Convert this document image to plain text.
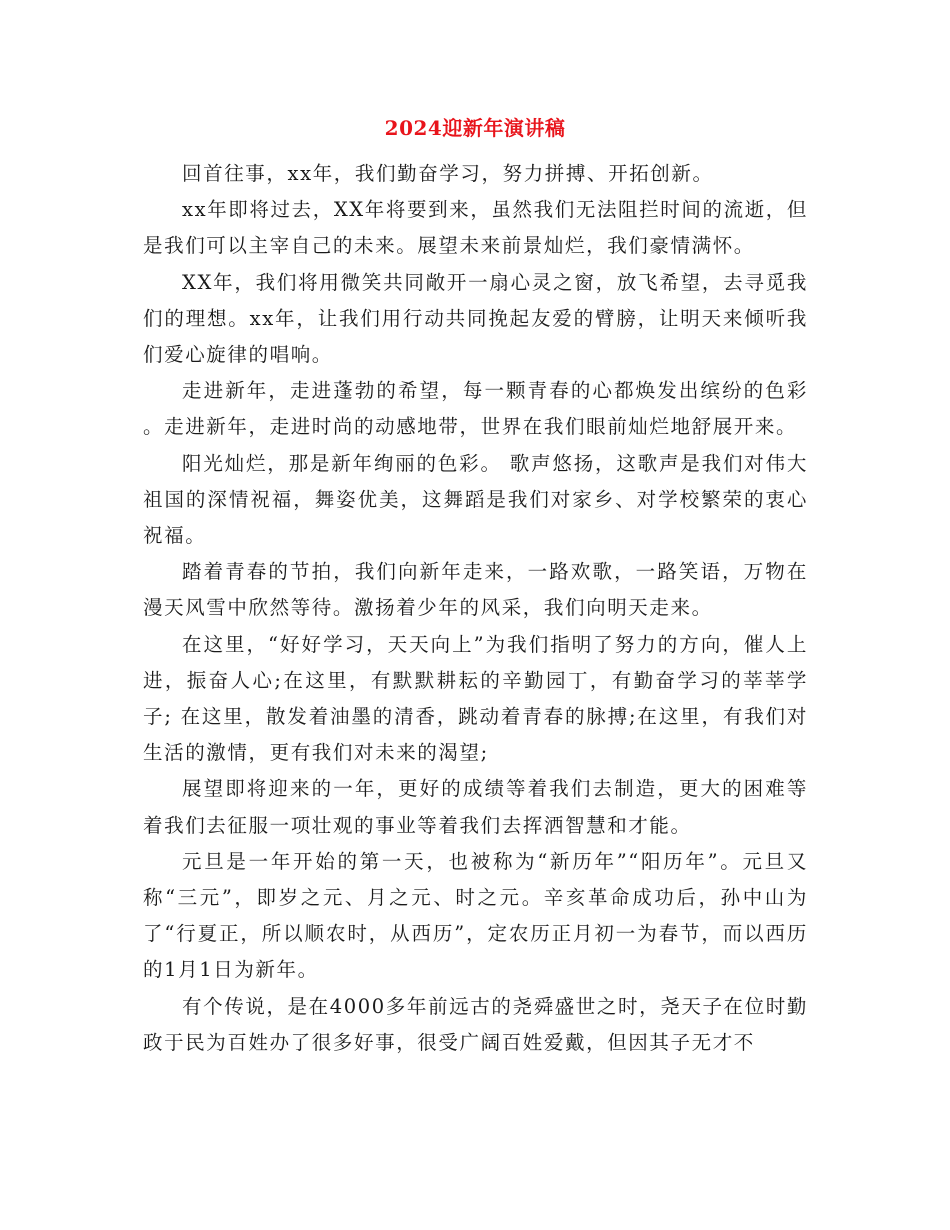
2024迎新年演讲稿

回首往事，xx年，我们勤奋学习，努力拼搏、开拓创新。

xx年即将过去，XX年将要到来，虽然我们无法阻拦时间的流逝，但是我们可以主宰自己的未来。展望未来前景灿烂，我们豪情满怀。

XX年，我们将用微笑共同敞开一扇心灵之窗，放飞希望，去寻觅我们的理想。xx年，让我们用行动共同挽起友爱的臂膀，让明天来倾听我们爱心旋律的唱响。

走进新年，走进蓬勃的希望，每一颗青春的心都焕发出缤纷的色彩 。走进新年，走进时尚的动感地带，世界在我们眼前灿烂地舒展开来。

阳光灿烂，那是新年绚丽的色彩。 歌声悠扬，这歌声是我们对伟大祖国的深情祝福，舞姿优美，这舞蹈是我们对家乡、对学校繁荣的衷心祝福。

踏着青春的节拍，我们向新年走来，一路欢歌，一路笑语，万物在漫天风雪中欣然等待。激扬着少年的风采，我们向明天走来。

在这里，“好好学习，天天向上”为我们指明了努力的方向，催人上进，振奋人心;在这里，有默默耕耘的辛勤园丁，有勤奋学习的莘莘学子; 在这里，散发着油墨的清香，跳动着青春的脉搏;在这里，有我们对生活的激情，更有我们对未来的渴望;

展望即将迎来的一年，更好的成绩等着我们去制造，更大的困难等着我们去征服一项壮观的事业等着我们去挥洒智慧和才能。

元旦是一年开始的第一天，也被称为“新历年”“阳历年”。元旦又称“三元”，即岁之元、月之元、时之元。辛亥革命成功后，孙中山为了“行夏正，所以顺农时，从西历”，定农历正月初一为春节，而以西历的1月1日为新年。

有个传说，是在4000多年前远古的尧舜盛世之时，尧天子在位时勤政于民为百姓办了很多好事，很受广阔百姓爱戴，但因其子无才不
